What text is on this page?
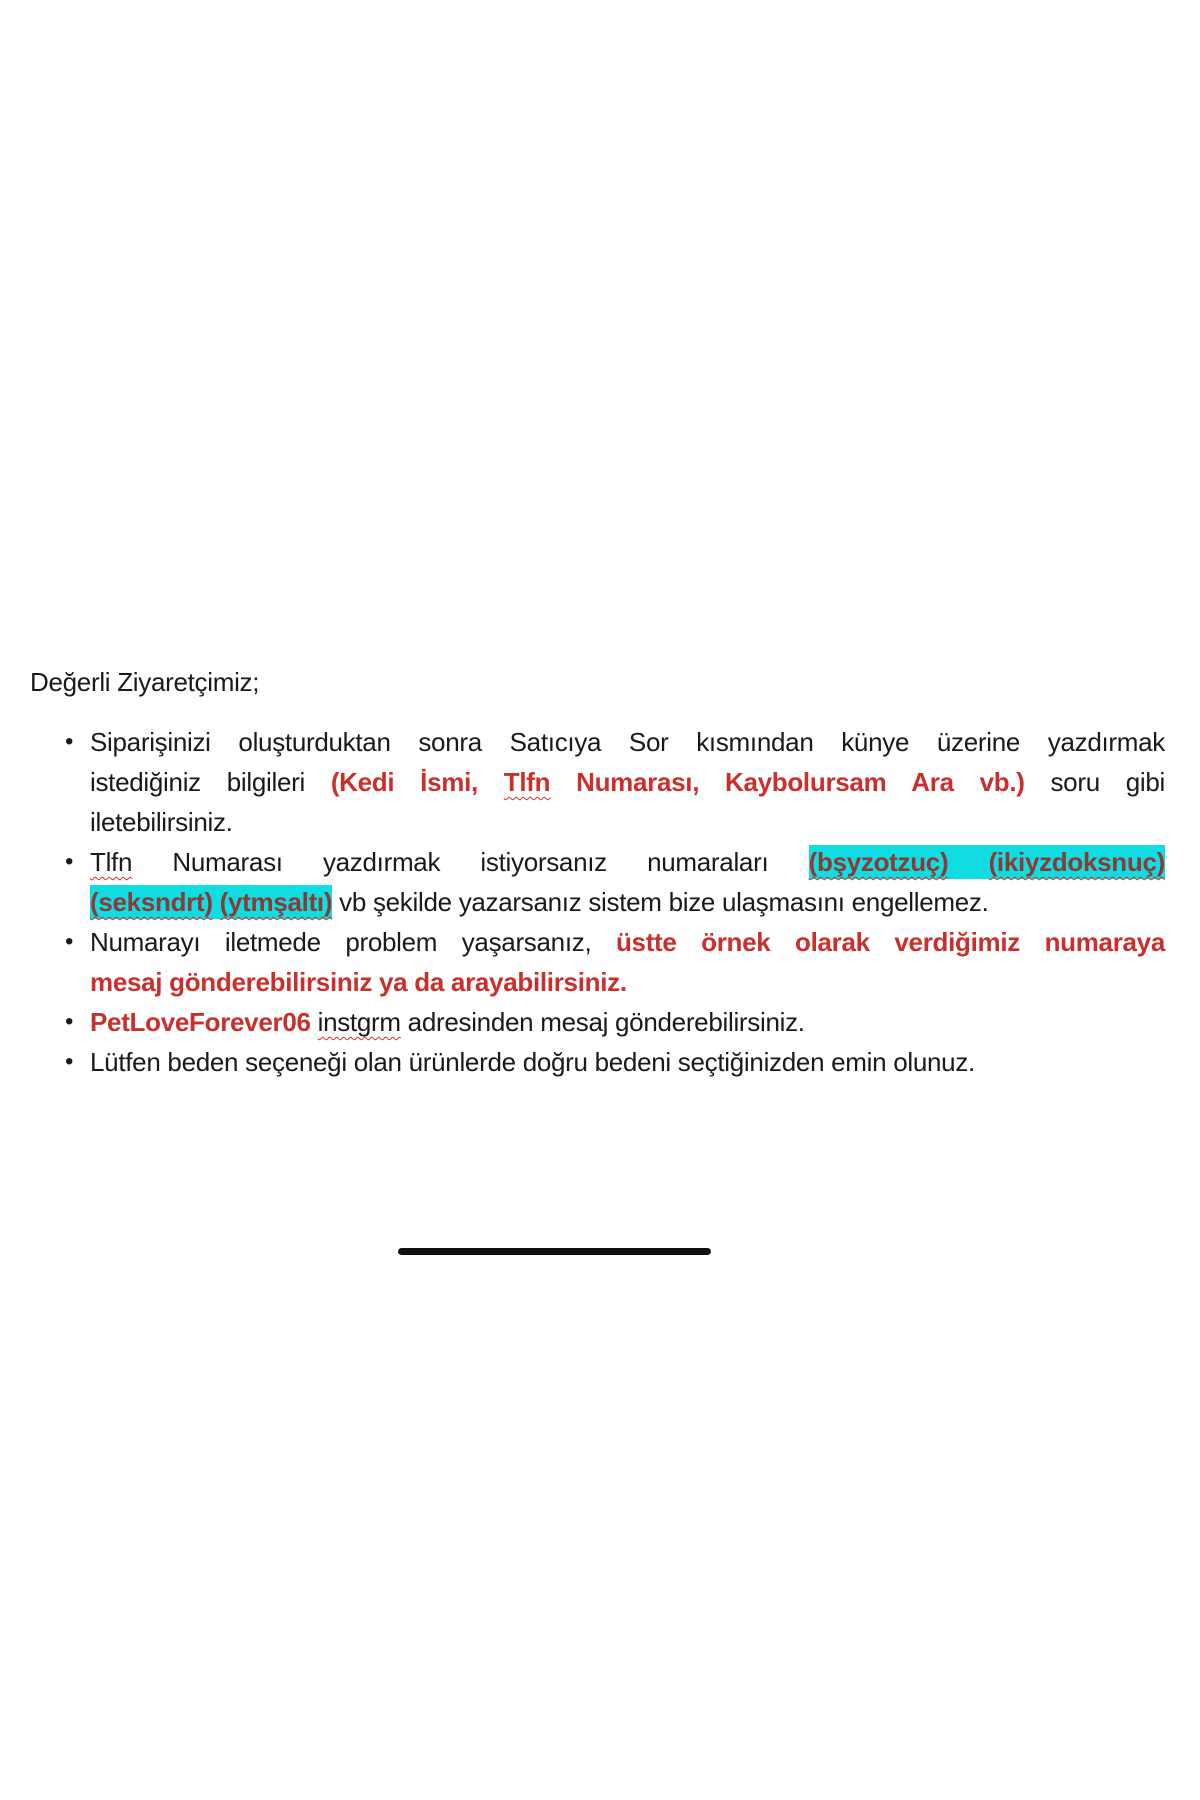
Değerli Ziyaretçimiz;
• Siparişinizi oluşturduktan sonra Satıcıya Sor kısmından künye üzerine yazdırmak
istediğiniz bilgileri (Kedi İsmi, Tlfn Numarası, Kaybolursam Ara vb.) soru gibi
iletebilirsiniz.
• Tlfn Numarası yazdırmak istiyorsanız numaraları (bşyzotzuç) (ikiyzdoksnuç)
(seksndrt) (ytmşaltı) vb şekilde yazarsanız sistem bize ulaşmasını engellemez.
• Numarayı iletmede problem yaşarsanız, üstte örnek olarak verdiğimiz numaraya
mesaj gönderebilirsiniz ya da arayabilirsiniz.
• PetLoveForever06 instgrm adresinden mesaj gönderebilirsiniz.
• Lütfen beden seçeneği olan ürünlerde doğru bedeni seçtiğinizden emin olunuz.
